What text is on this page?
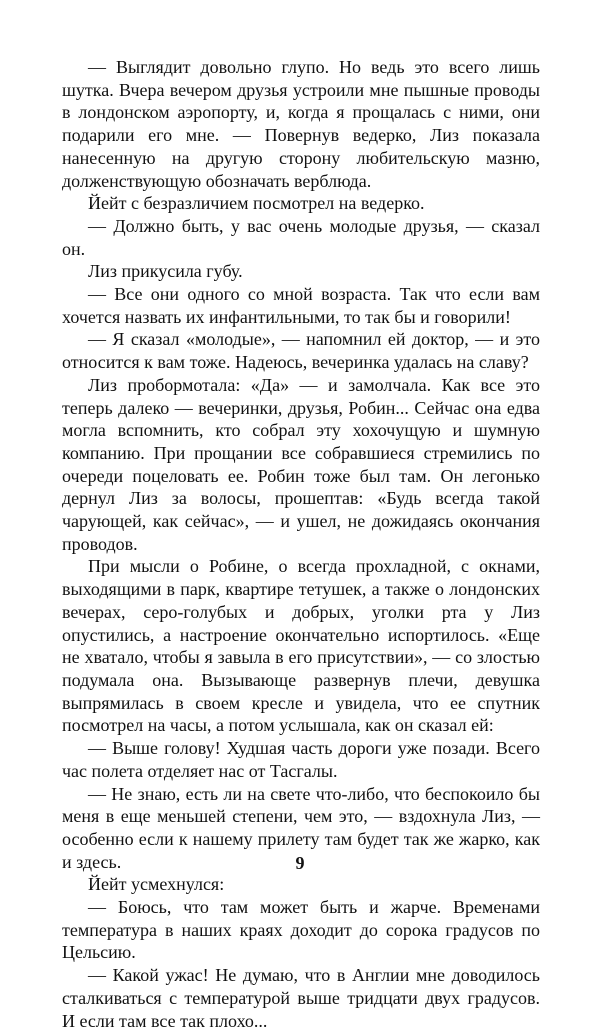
— Выглядит довольно глупо. Но ведь это всего лишь шутка. Вчера вечером друзья устроили мне пышные проводы в лондонском аэропорту, и, когда я прощалась с ними, они подарили его мне. — Повернув ведерко, Лиз показала нанесенную на другую сторону любительскую мазню, долженствующую обозначать верблюда.

Йейт с безразличием посмотрел на ведерко.

— Должно быть, у вас очень молодые друзья, — сказал он.

Лиз прикусила губу.

— Все они одного со мной возраста. Так что если вам хочется назвать их инфантильными, то так бы и говорили!

— Я сказал «молодые», — напомнил ей доктор, — и это относится к вам тоже. Надеюсь, вечеринка удалась на славу?

Лиз пробормотала: «Да» — и замолчала. Как все это теперь далеко — вечеринки, друзья, Робин... Сейчас она едва могла вспомнить, кто собрал эту хохочущую и шумную компанию. При прощании все собравшиеся стремились по очереди поцеловать ее. Робин тоже был там. Он легонько дернул Лиз за волосы, прошептав: «Будь всегда такой чарующей, как сейчас», — и ушел, не дожидаясь окончания проводов.

При мысли о Робине, о всегда прохладной, с окнами, выходящими в парк, квартире тетушек, а также о лондонских вечерах, серо-голубых и добрых, уголки рта у Лиз опустились, а настроение окончательно испортилось. «Еще не хватало, чтобы я завыла в его присутствии», — со злостью подумала она. Вызывающе развернув плечи, девушка выпрямилась в своем кресле и увидела, что ее спутник посмотрел на часы, а потом услышала, как он сказал ей:

— Выше голову! Худшая часть дороги уже позади. Всего час полета отделяет нас от Тасгалы.

— Не знаю, есть ли на свете что-либо, что беспокоило бы меня в еще меньшей степени, чем это, — вздохнула Лиз, — особенно если к нашему прилету там будет так же жарко, как и здесь.

Йейт усмехнулся:

— Боюсь, что там может быть и жарче. Временами температура в наших краях доходит до сорока градусов по Цельсию.

— Какой ужас! Не думаю, что в Англии мне доводилось сталкиваться с температурой выше тридцати двух градусов. И если там все так плохо...

9
